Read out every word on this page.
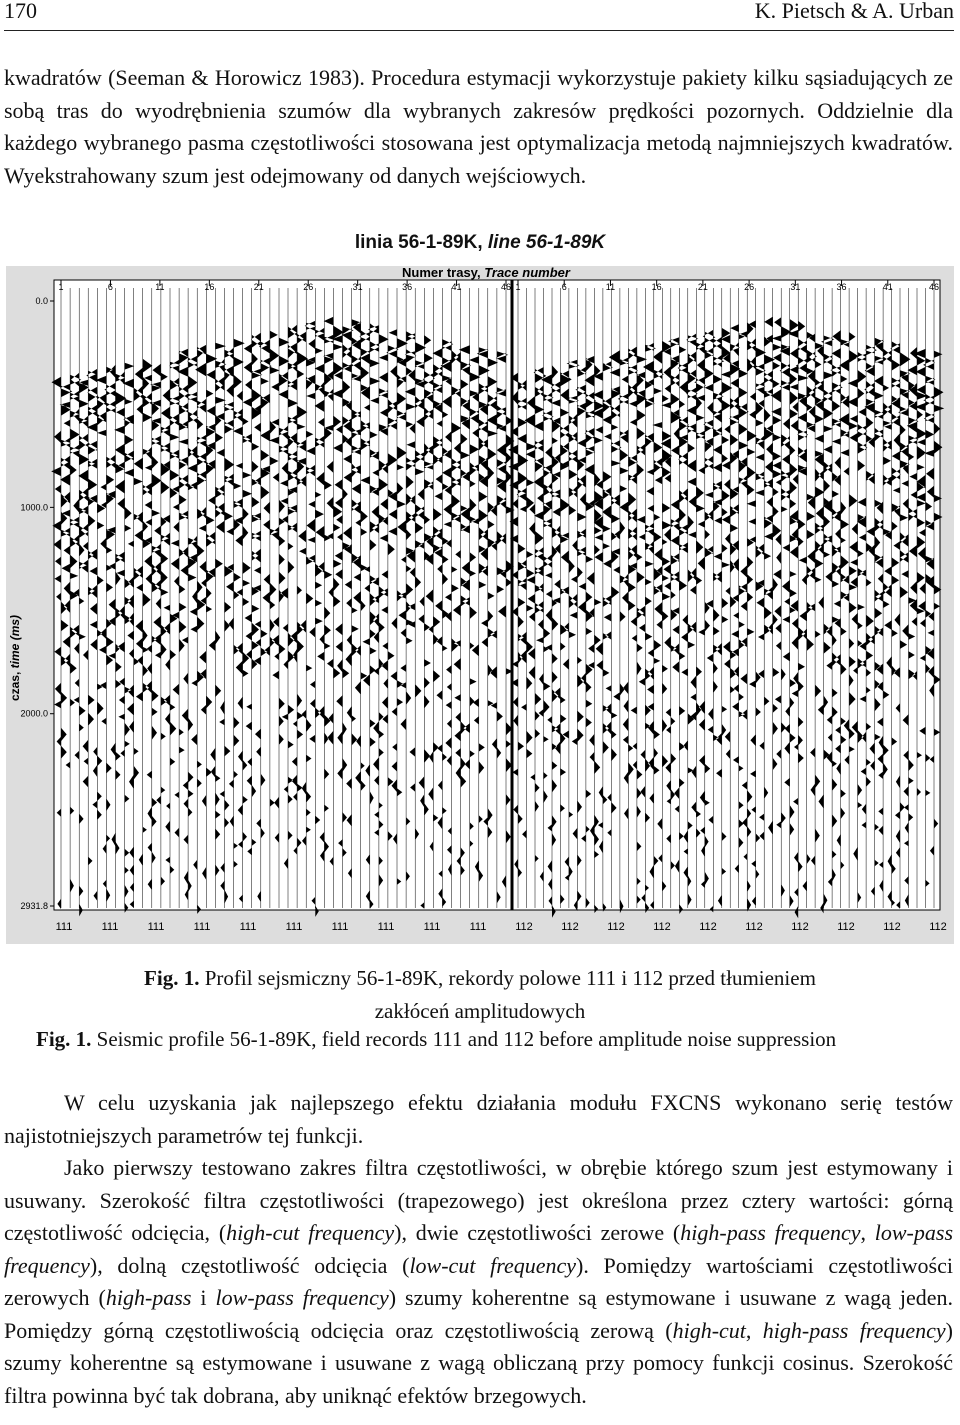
170	K. Pietsch & A. Urban

kwadratów (Seeman & Horowicz 1983). Procedura estymacji wykorzystuje pakiety kilku sąsiadujących ze sobą tras do wyodrębnienia szumów dla wybranych zakresów prędkości pozornych. Oddzielnie dla każdego wybranego pasma częstotliwości stosowana jest optymalizacja metodą najmniejszych kwadratów. Wyekstrahowany szum jest odejmowany od danych wejściowych.

linia 56-1-89K, line 56-1-89K
Numer trasy, Trace number
1	6	11	16	21	26	31	36	41	46 1	6	11	16	21	26	31	36	41	46
0.0
1000.0
2000.0
2931.8
czas, time (ms)
111	111	111	111	111	111	111	111	111	111	112	112	112	112	112	112	112	112	112	112
Fig. 1. Profil sejsmiczny 56-1-89K, rekordy polowe 111 i 112 przed tłumieniem
zakłóceń amplitudowych
Fig. 1. Seismic profile 56-1-89K, field records 111 and 112 before amplitude noise suppression

W celu uzyskania jak najlepszego efektu działania modułu FXCNS wykonano serię testów najistotniejszych parametrów tej funkcji.

Jako pierwszy testowano zakres filtra częstotliwości, w obrębie którego szum jest estymowany i usuwany. Szerokość filtra częstotliwości (trapezowego) jest określona przez cztery wartości: górną częstotliwość odcięcia, (high-cut frequency), dwie częstotliwości zerowe (high-pass frequency, low-pass frequency), dolną częstotliwość odcięcia (low-cut frequency). Pomiędzy wartościami częstotliwości zerowych (high-pass i low-pass frequency) szumy koherentne są estymowane i usuwane z wagą jeden. Pomiędzy górną częstotliwością odcięcia oraz częstotliwością zerową (high-cut, high-pass frequency) szumy koherentne są estymowane i usuwane z wagą obliczaną przy pomocy funkcji cosinus. Szerokość filtra powinna być tak dobrana, aby uniknąć efektów brzegowych.
